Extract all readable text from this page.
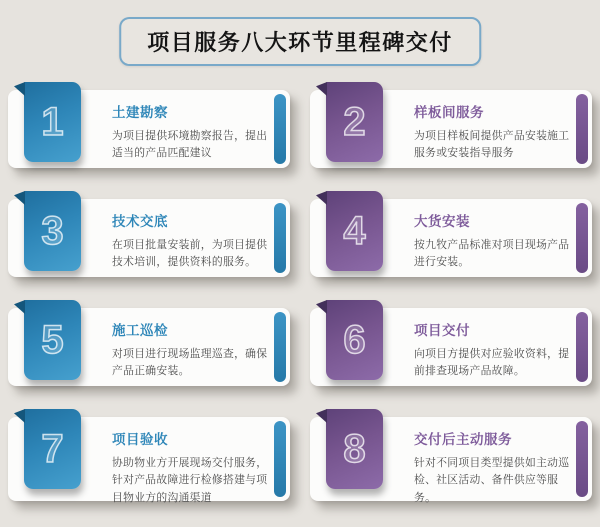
项目服务八大环节里程碑交付
1	土建勘察

为项目提供环境勘察报告，提出适当的产品匹配建议

2	样板间服务

为项目样板间提供产品安装施工服务或安装指导服务

3	技术交底

在项目批量安装前，为项目提供技术培训，提供资料的服务。

4	大货安装

按九牧产品标准对项目现场产品进行安装。

5	施工巡检

对项目进行现场监理巡查，确保产品正确安装。

6	项目交付

向项目方提供对应验收资料，提前排查现场产品故障。

7	项目验收

协助物业方开展现场交付服务，针对产品故障进行检修搭建与项目物业方的沟通渠道

8	交付后主动服务

针对不同项目类型提供如主动巡检、社区活动、备件供应等服务。
